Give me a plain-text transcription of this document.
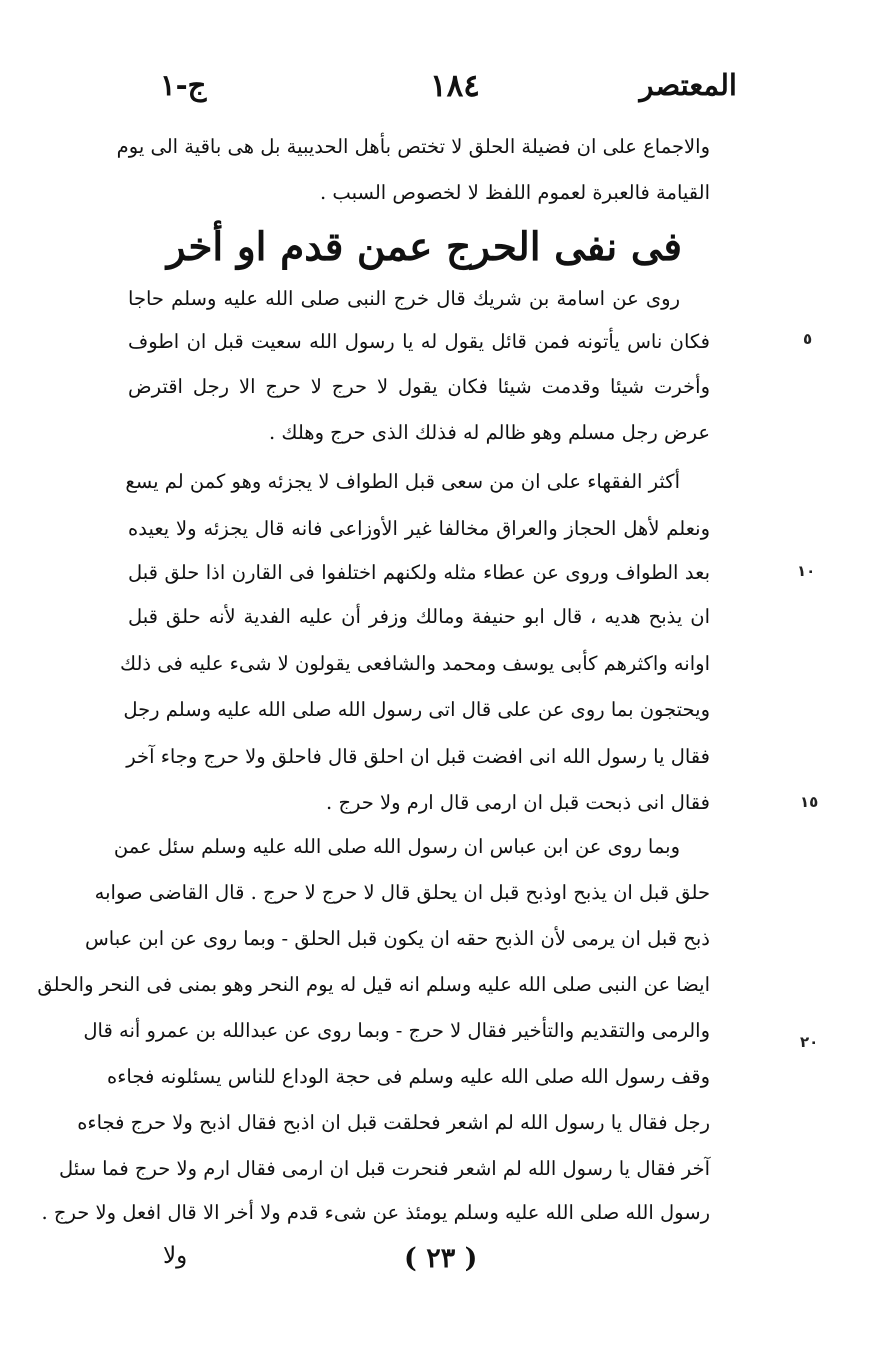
المعتصر
١٨٤
ج-١
والاجماع على ان فضيلة الحلق لا تختص بأهل الحديبية بل هى باقية الى يوم
القيامة فالعبرة لعموم اللفظ لا لخصوص السبب .
فى نفى الحرج عمن قدم او أخر
روى عن اسامة بن شريك قال خرج النبى صلى الله عليه وسلم حاجا
فكان ناس يأتونه فمن قائل يقول له يا رسول الله سعيت قبل ان اطوف
وأخرت شيئا وقدمت شيئا فكان يقول لا حرج لا حرج الا رجل اقترض
عرض رجل مسلم وهو ظالم له فذلك الذى حرج وهلك .
أكثر الفقهاء على ان من سعى قبل الطواف لا يجزئه وهو كمن لم يسع
ونعلم لأهل الحجاز والعراق مخالفا غير الأوزاعى فانه قال يجزئه ولا يعيده
بعد الطواف وروى عن عطاء مثله ولكنهم اختلفوا فى القارن اذا حلق قبل
ان يذبح هديه ، قال ابو حنيفة ومالك وزفر أن عليه الفدية لأنه حلق قبل
اوانه واكثرهم كأبى يوسف ومحمد والشافعى يقولون لا شىء عليه فى ذلك
ويحتجون بما روى عن على قال اتى رسول الله صلى الله عليه وسلم رجل
فقال يا رسول الله انى افضت قبل ان احلق قال فاحلق ولا حرج وجاء آخر
فقال انى ذبحت قبل ان ارمى قال ارم ولا حرج .
وبما روى عن ابن عباس ان رسول الله صلى الله عليه وسلم سئل عمن
حلق قبل ان يذبح اوذبح قبل ان يحلق قال لا حرج لا حرج . قال القاضى صوابه
ذبح قبل ان يرمى لأن الذبح حقه ان يكون قبل الحلق - وبما روى عن ابن عباس
ايضا عن النبى صلى الله عليه وسلم انه قيل له يوم النحر وهو بمنى فى النحر والحلق
والرمى والتقديم والتأخير فقال لا حرج - وبما روى عن عبدالله بن عمرو أنه قال
وقف رسول الله صلى الله عليه وسلم فى حجة الوداع للناس يسئلونه فجاءه
رجل فقال يا رسول الله لم اشعر فحلقت قبل ان اذبح فقال اذبح ولا حرج فجاءه
آخر فقال يا رسول الله لم اشعر فنحرت قبل ان ارمى فقال ارم ولا حرج فما سئل
رسول الله صلى الله عليه وسلم يومئذ عن شىء قدم ولا أخر الا قال افعل ولا حرج .
٥
١٠
١٥
٢٠
( ٢٣ )
ولا
